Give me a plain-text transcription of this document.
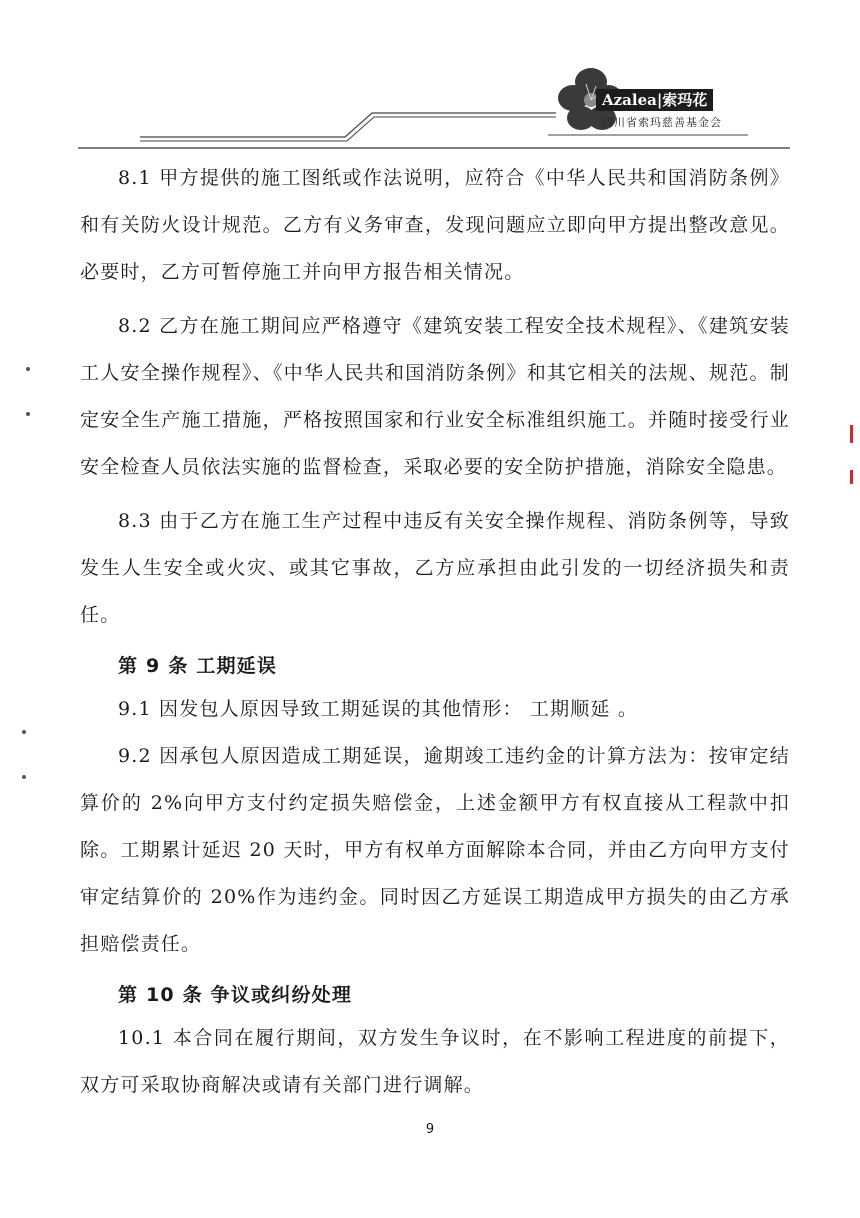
Azalea|索玛花
四川省索玛慈善基金会

8.1 甲方提供的施工图纸或作法说明，应符合《中华人民共和国消防条例》和有关防火设计规范。乙方有义务审查，发现问题应立即向甲方提出整改意见。必要时，乙方可暂停施工并向甲方报告相关情况。

8.2 乙方在施工期间应严格遵守《建筑安装工程安全技术规程》、《建筑安装工人安全操作规程》、《中华人民共和国消防条例》和其它相关的法规、规范。制定安全生产施工措施，严格按照国家和行业安全标准组织施工。并随时接受行业安全检查人员依法实施的监督检查，采取必要的安全防护措施，消除安全隐患。

8.3 由于乙方在施工生产过程中违反有关安全操作规程、消防条例等，导致发生人生安全或火灾、或其它事故，乙方应承担由此引发的一切经济损失和责任。

第 9 条 工期延误

9.1 因发包人原因导致工期延误的其他情形： 工期顺延 。

9.2 因承包人原因造成工期延误，逾期竣工违约金的计算方法为：按审定结算价的 2%向甲方支付约定损失赔偿金，上述金额甲方有权直接从工程款中扣除。工期累计延迟 20 天时，甲方有权单方面解除本合同，并由乙方向甲方支付审定结算价的 20%作为违约金。同时因乙方延误工期造成甲方损失的由乙方承担赔偿责任。

第 10 条 争议或纠纷处理

10.1 本合同在履行期间，双方发生争议时，在不影响工程进度的前提下，双方可采取协商解决或请有关部门进行调解。

9
